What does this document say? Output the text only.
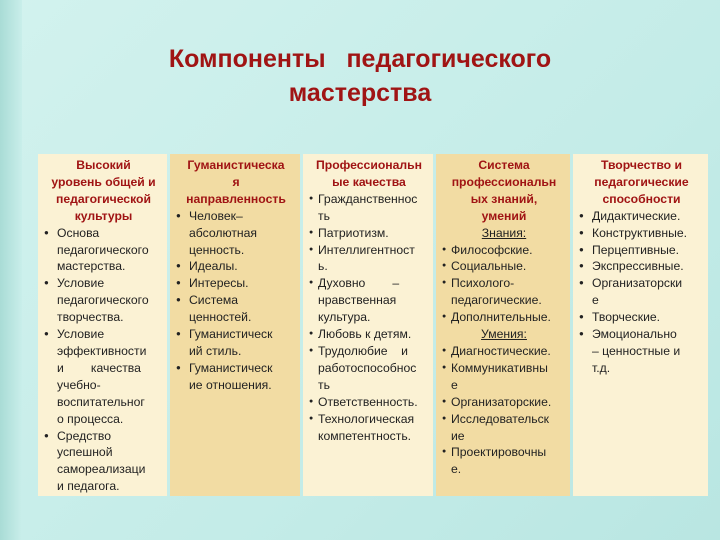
Компоненты   педагогического
мастерства
Высокий
уровень общей и
педагогической
культуры
● Основа
педагогического
мастерства.
● Условие
педагогического
творчества.
● Условие
эффективности
и        качества
учебно-
воспитательног
о процесса.
● Средство
успешной
самореализаци
и педагога.
Гуманистическа
я
направленность
● Человек–
абсолютная
ценность.
● Идеалы.
● Интересы.
● Система
ценностей.
● Гуманистическ
ий стиль.
● Гуманистическ
ие отношения.
Профессиональн
ые качества
● Гражданственнос
ть
● Патриотизм.
● Интеллигентност
ь.
● Духовно        –
нравственная
культура.
● Любовь к детям.
● Трудолюбие    и
работоспособнос
ть
● Ответственность.
● Технологическая
компетентность.
Система
профессиональн
ых знаний,
умений
Знания:
● Философские.
● Социальные.
● Психолого-
педагогические.
● Дополнительные.
Умения:
● Диагностические.
● Коммуникативны
е
● Организаторские.
● Исследовательск
ие
● Проектировочны
е.
Творчество и
педагогические
способности
● Дидактические.
● Конструктивные.
● Перцептивные.
● Экспрессивные.
● Организаторски
е
● Творческие.
● Эмоционально
– ценностные и
т.д.
